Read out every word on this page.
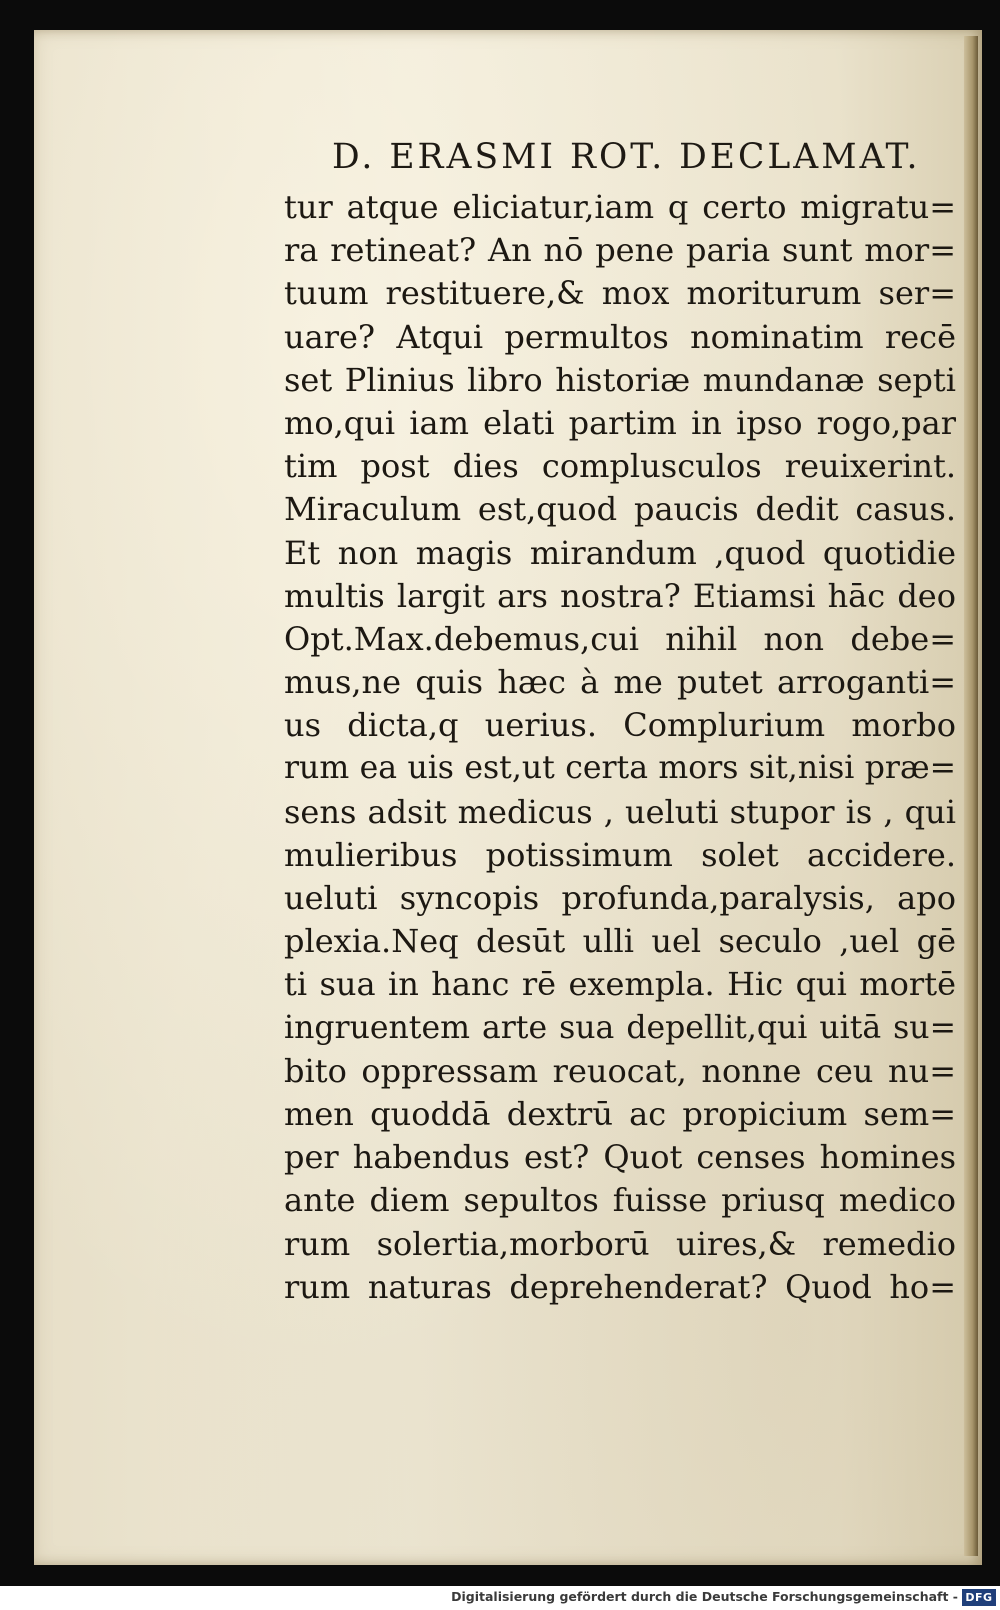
D. ERASMI ROT. DECLAMAT.
tur atque eliciatur,iam q certo migratu=
ra retineat? An nō pene paria sunt mor=
tuum restituere,& mox moriturum ser=
uare? Atqui permultos nominatim recē
set Plinius libro historiæ mundanæ septi
mo,qui iam elati partim in ipso rogo,par
tim post dies complusculos reuixerint.
Miraculum est,quod paucis dedit casus.
Et non magis mirandum ,quod quotidie
multis largit ars nostra? Etiamsi hāc deo
Opt.Max.debemus,cui nihil non debe=
mus,ne quis hæc à me putet arroganti=
us dicta,q uerius. Complurium morbo
rum ea uis est,ut certa mors sit,nisi præ=
sens adsit medicus , ueluti stupor is , qui
mulieribus potissimum solet accidere.
ueluti syncopis profunda,paralysis, apo
plexia.Neq desūt ulli uel seculo ,uel gē
ti sua in hanc rē exempla. Hic qui mortē
ingruentem arte sua depellit,qui uitā su=
bito oppressam reuocat, nonne ceu nu=
men quoddā dextrū ac propicium sem=
per habendus est? Quot censes homines
ante diem sepultos fuisse priusq medico
rum solertia,morborū uires,& remedio
rum naturas deprehenderat? Quod ho=
Digitalisierung gefördert durch die Deutsche Forschungsgemeinschaft - DFG
